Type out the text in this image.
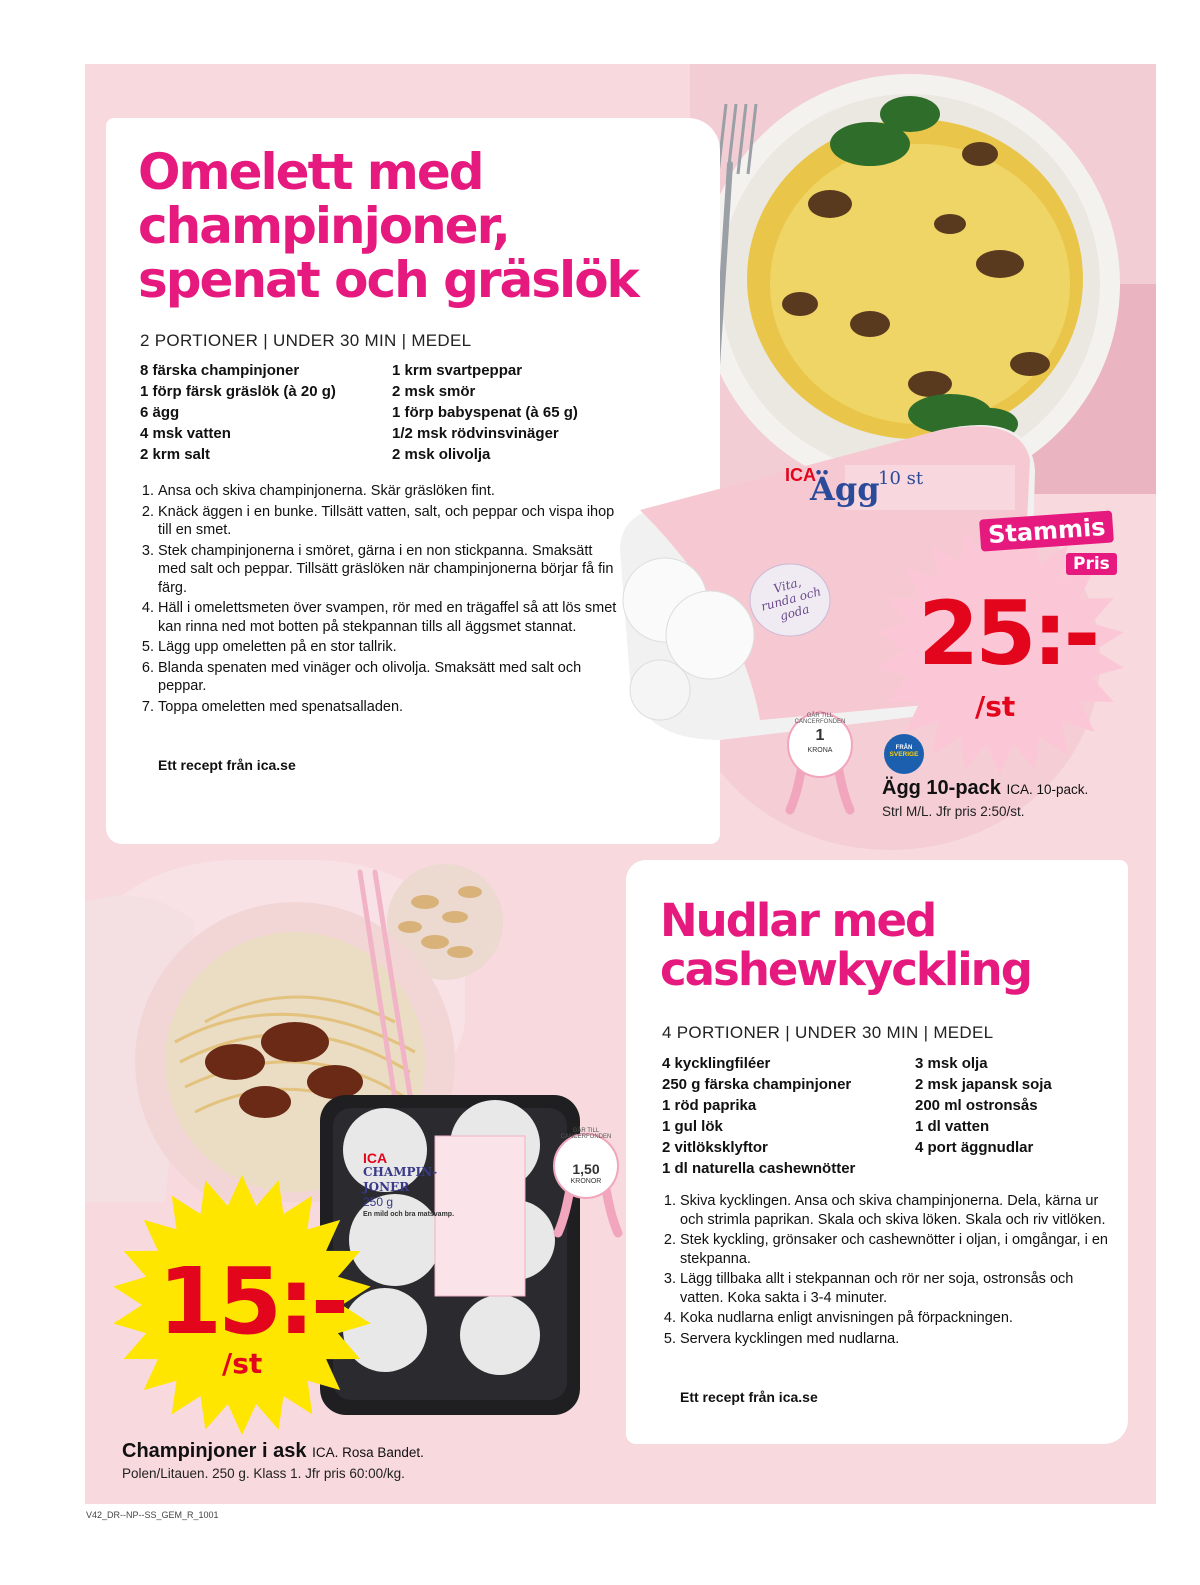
Omelett med
champinjoner,
spenat och gräslök
2 PORTIONER | UNDER 30 MIN | MEDEL
8 färska champinjoner
1 förp färsk gräslök (à 20 g)
6 ägg
4 msk vatten
2 krm salt
1 krm svartpeppar
2 msk smör
1 förp babyspenat (à 65 g)
1/2 msk rödvinsvinäger
2 msk olivolja
1. Ansa och skiva champinjonerna. Skär gräslöken fint.
2. Knäck äggen i en bunke. Tillsätt vatten, salt, och peppar och vispa ihop till en smet.
3. Stek champinjonerna i smöret, gärna i en non stickpanna. Smaksätt med salt och peppar. Tillsätt gräslöken när champinjonerna börjar få fin färg.
4. Häll i omelettsmeten över svampen, rör med en trägaffel så att lös smet kan rinna ned mot botten på stekpannan tills all äggsmet stannat.
5. Lägg upp omeletten på en stor tallrik.
6. Blanda spenaten med vinäger och olivolja. Smaksätt med salt och peppar.
7. Toppa omeletten med spenatsalladen.
Ett recept från ica.se
ICA
Ägg
10 st
Vita, runda och goda
GÅR TILL CANCERFONDEN
1
KRONA
Stammis
Pris
25:-
/st
FRÅN
SVERIGE
Ägg 10-pack ICA. 10-pack.
Strl M/L. Jfr pris 2:50/st.
ICA
CHAMPIN-
JONER
250 g
En mild och bra matsvamp.
GÅR TILL CANCERFONDEN
1,50
KRONOR
15:-
/st
Champinjoner i ask ICA. Rosa Bandet.
Polen/Litauen. 250 g. Klass 1. Jfr pris 60:00/kg.
Nudlar med
cashewkyckling
4 PORTIONER | UNDER 30 MIN | MEDEL
4 kycklingfiléer
250 g färska champinjoner
1 röd paprika
1 gul lök
2 vitlöksklyftor
1 dl naturella cashewnötter
3 msk olja
2 msk japansk soja
200 ml ostronsås
1 dl vatten
4 port äggnudlar
1. Skiva kycklingen. Ansa och skiva champinjonerna. Dela, kärna ur och strimla paprikan. Skala och skiva löken. Skala och riv vitlöken.
2. Stek kyckling, grönsaker och cashewnötter i oljan, i omgångar, i en stekpanna.
3. Lägg tillbaka allt i stekpannan och rör ner soja, ostronsås och vatten. Koka sakta i 3-4 minuter.
4. Koka nudlarna enligt anvisningen på förpackningen.
5. Servera kycklingen med nudlarna.
Ett recept från ica.se
V42_DR--NP--SS_GEM_R_1001
